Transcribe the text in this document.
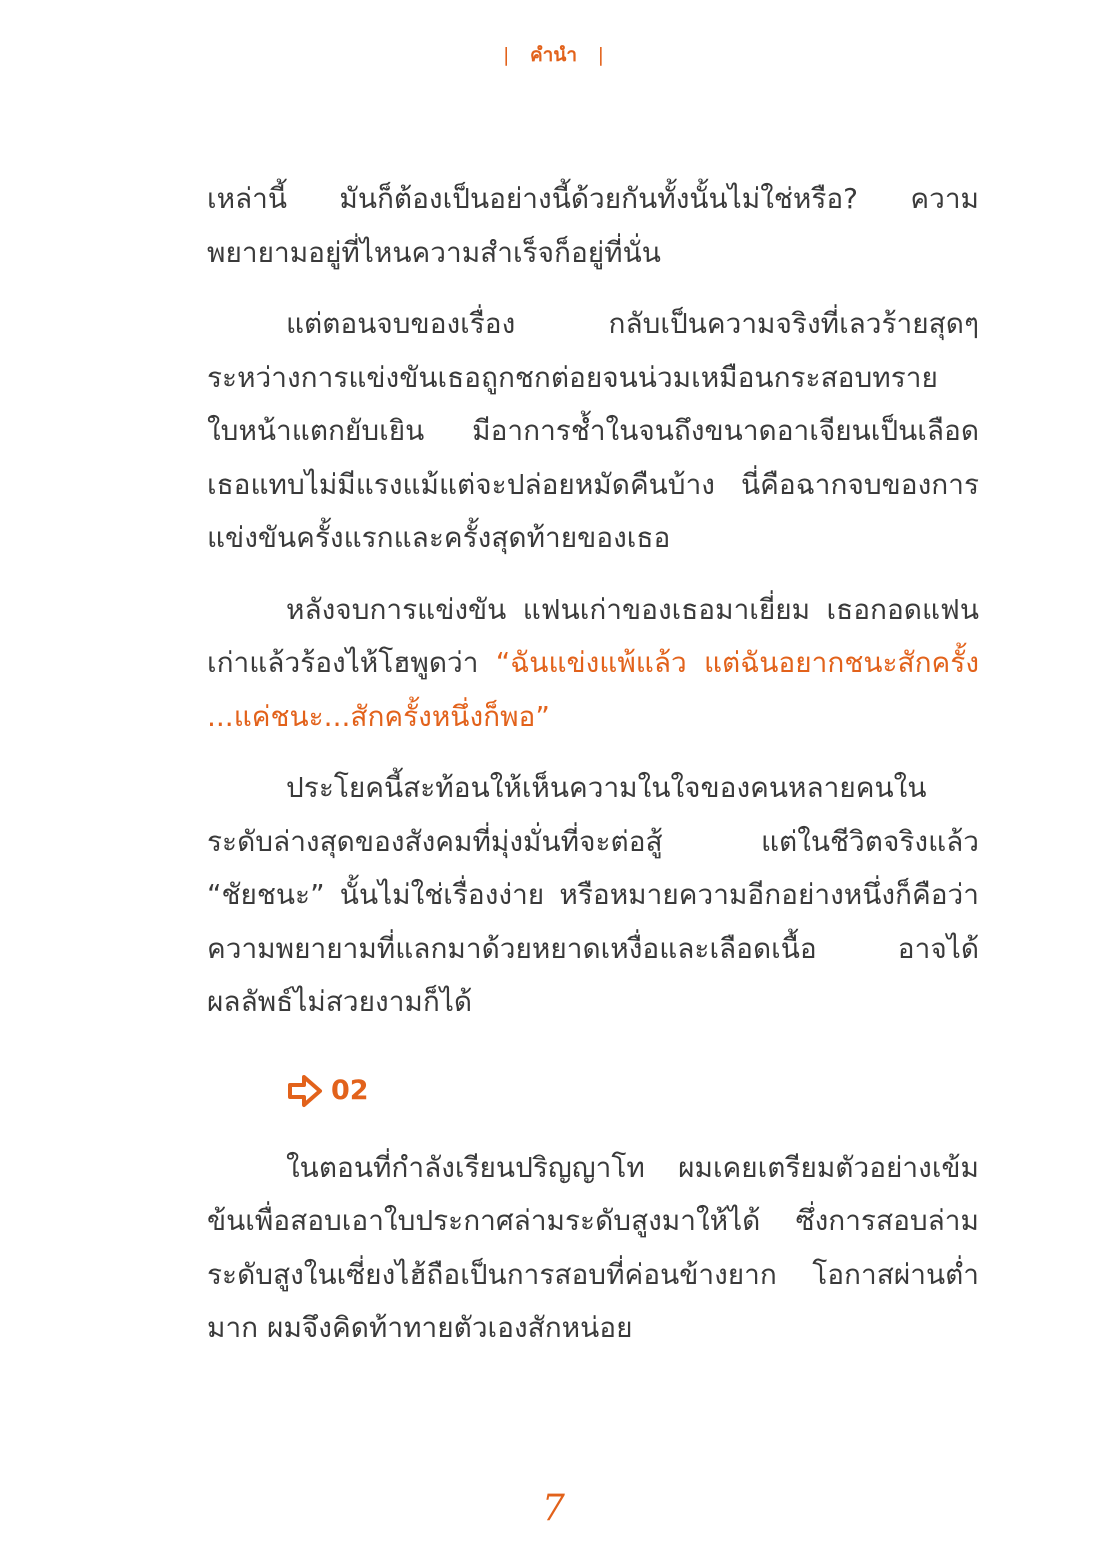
| คำนำ |

เหล่านี้ มันก็ต้องเป็นอย่างนี้ด้วยกันทั้งนั้นไม่ใช่หรือ? ความพยายามอยู่ที่ไหนความสำเร็จก็อยู่ที่นั่น

แต่ตอนจบของเรื่อง กลับเป็นความจริงที่เลวร้ายสุดๆ ระหว่างการแข่งขันเธอถูกชกต่อยจนน่วมเหมือนกระสอบทราย ใบหน้าแตกยับเยิน มีอาการช้ำในจนถึงขนาดอาเจียนเป็นเลือด เธอแทบไม่มีแรงแม้แต่จะปล่อยหมัดคืนบ้าง นี่คือฉากจบของการแข่งขันครั้งแรกและครั้งสุดท้ายของเธอ

หลังจบการแข่งขัน แฟนเก่าของเธอมาเยี่ยม เธอกอดแฟนเก่าแล้วร้องไห้โฮพูดว่า “ฉันแข่งแพ้แล้ว แต่ฉันอยากชนะสักครั้ง ...แค่ชนะ...สักครั้งหนึ่งก็พอ”

ประโยคนี้สะท้อนให้เห็นความในใจของคนหลายคนในระดับล่างสุดของสังคมที่มุ่งมั่นที่จะต่อสู้ แต่ในชีวิตจริงแล้ว “ชัยชนะ” นั้นไม่ใช่เรื่องง่าย หรือหมายความอีกอย่างหนึ่งก็คือว่า ความพยายามที่แลกมาด้วยหยาดเหงื่อและเลือดเนื้อ อาจได้ผลลัพธ์ไม่สวยงามก็ได้

02

ในตอนที่กำลังเรียนปริญญาโท ผมเคยเตรียมตัวอย่างเข้มข้นเพื่อสอบเอาใบประกาศล่ามระดับสูงมาให้ได้ ซึ่งการสอบล่ามระดับสูงในเซี่ยงไฮ้ถือเป็นการสอบที่ค่อนข้างยาก โอกาสผ่านต่ำมาก ผมจึงคิดท้าทายตัวเองสักหน่อย

7
